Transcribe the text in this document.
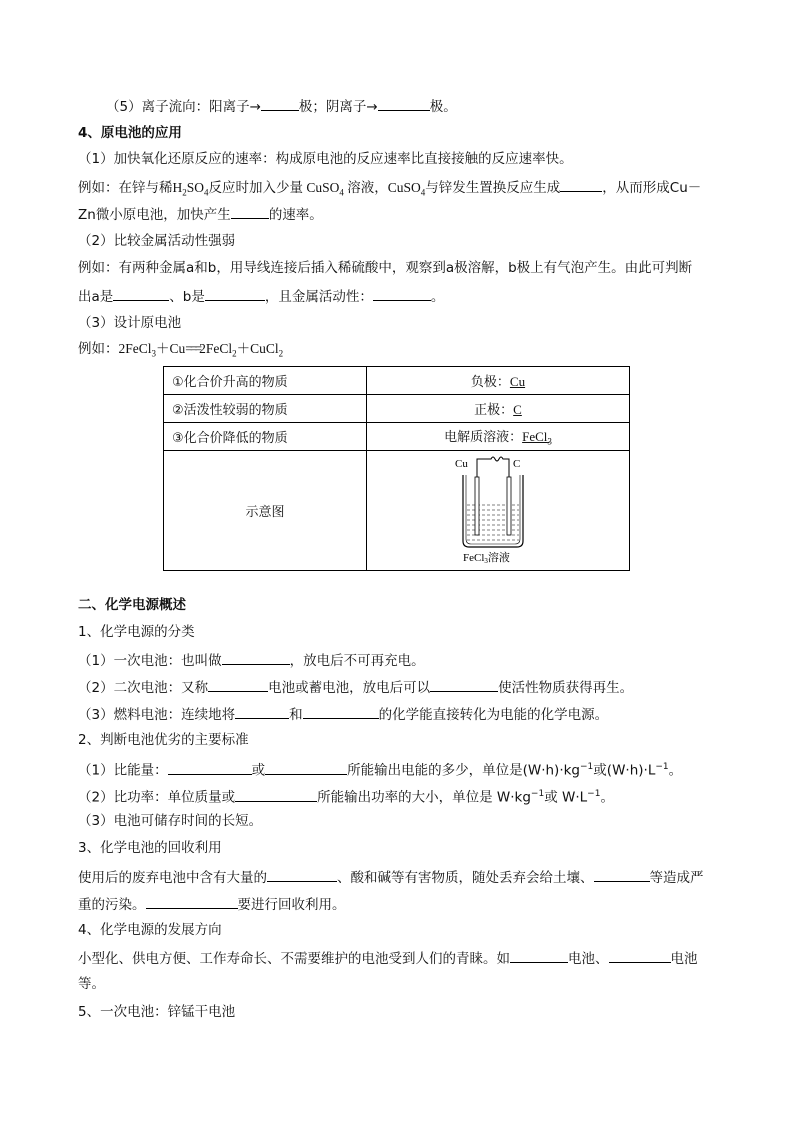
（5）离子流向：阳离子→	极；阴离子→	极。
4、原电池的应用
（1）加快氧化还原反应的速率：构成原电池的反应速率比直接接触的反应速率快。
例如：在锌与稀$H_2SO_4$反应时加入少量 CuSO$_4$ 溶液，CuSO$_4$与锌发生置换反应生成	，从而形成Cu－
Zn微小原电池，加快产生	的速率。
（2）比较金属活动性强弱
例如：有两种金属a和b，用导线连接后插入稀硫酸中，观察到a极溶解，b极上有气泡产生。由此可判断
出a是	、b是	，且金属活动性：	。
（3）设计原电池
例如：2FeCl$_3$＋Cu===2FeCl$_2$＋CuCl$_2$
①化合价升高的物质	负极：Cu
②活泼性较弱的物质	正极：C
③化合价降低的物质	电解质溶液：FeCl$_3$
示意图	Cu C
FeCl3溶液
二、化学电源概述
1、化学电源的分类
（1）一次电池：也叫做	，放电后不可再充电。
（2）二次电池：又称	电池或蓄电池，放电后可以	使活性物质获得再生。
（3）燃料电池：连续地将	和	的化学能直接转化为电能的化学电源。
2、判断电池优劣的主要标准
（1）比能量：	或	所能输出电能的多少，单位是$(W\cdot h)\cdot kg^{-1}$或$(W\cdot h)\cdot L^{-1}$。
（2）比功率：单位质量或	所能输出功率的大小，单位是 $W\cdot kg^{-1}$或 $W\cdot L^{-1}$。
（3）电池可储存时间的长短。
3、化学电池的回收利用
使用后的废弃电池中含有大量的	、酸和碱等有害物质，随处丢弃会给土壤、	等造成严
重的污染。	要进行回收利用。
4、化学电源的发展方向
小型化、供电方便、工作寿命长、不需要维护的电池受到人们的青睐。如	电池、	电池
等。
5、一次电池：锌锰干电池
